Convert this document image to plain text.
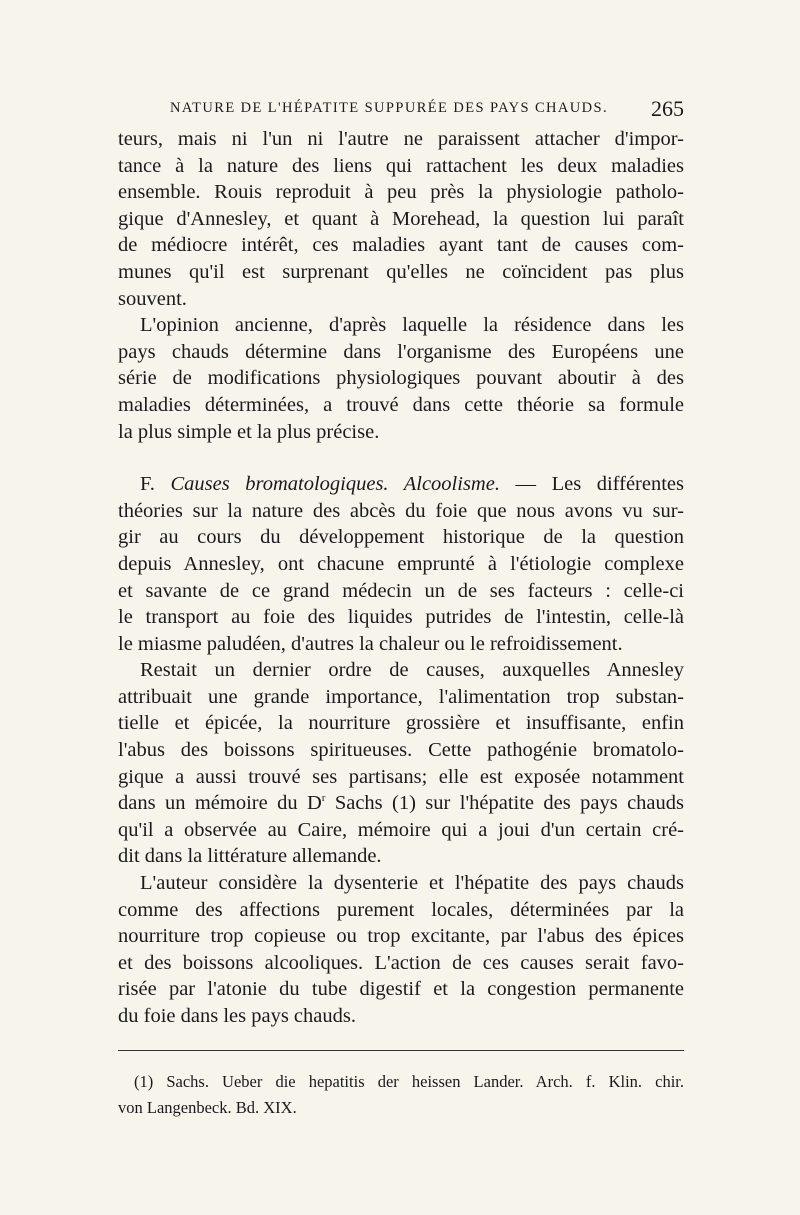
NATURE DE L'HÉPATITE SUPPURÉE DES PAYS CHAUDS. 265
teurs, mais ni l'un ni l'autre ne paraissent attacher d'impor-
tance à la nature des liens qui rattachent les deux maladies
ensemble. Rouis reproduit à peu près la physiologie patholo-
gique d'Annesley, et quant à Morehead, la question lui paraît
de médiocre intérêt, ces maladies ayant tant de causes com-
munes qu'il est surprenant qu'elles ne coïncident pas plus
souvent.
L'opinion ancienne, d'après laquelle la résidence dans les
pays chauds détermine dans l'organisme des Européens une
série de modifications physiologiques pouvant aboutir à des
maladies déterminées, a trouvé dans cette théorie sa formule
la plus simple et la plus précise.
F. Causes bromatologiques. Alcoolisme. — Les différentes
théories sur la nature des abcès du foie que nous avons vu sur-
gir au cours du développement historique de la question
depuis Annesley, ont chacune emprunté à l'étiologie complexe
et savante de ce grand médecin un de ses facteurs : celle-ci
le transport au foie des liquides putrides de l'intestin, celle-là
le miasme paludéen, d'autres la chaleur ou le refroidissement.
Restait un dernier ordre de causes, auxquelles Annesley
attribuait une grande importance, l'alimentation trop substan-
tielle et épicée, la nourriture grossière et insuffisante, enfin
l'abus des boissons spiritueuses. Cette pathogénie bromatolo-
gique a aussi trouvé ses partisans; elle est exposée notamment
dans un mémoire du $D^r$ Sachs (1) sur l'hépatite des pays chauds
qu'il a observée au Caire, mémoire qui a joui d'un certain cré-
dit dans la littérature allemande.
L'auteur considère la dysenterie et l'hépatite des pays chauds
comme des affections purement locales, déterminées par la
nourriture trop copieuse ou trop excitante, par l'abus des épices
et des boissons alcooliques. L'action de ces causes serait favo-
risée par l'atonie du tube digestif et la congestion permanente
du foie dans les pays chauds.
(1) Sachs. Ueber die hepatitis der heissen Lander. Arch. f. Klin. chir.
von Langenbeck. Bd. XIX.
